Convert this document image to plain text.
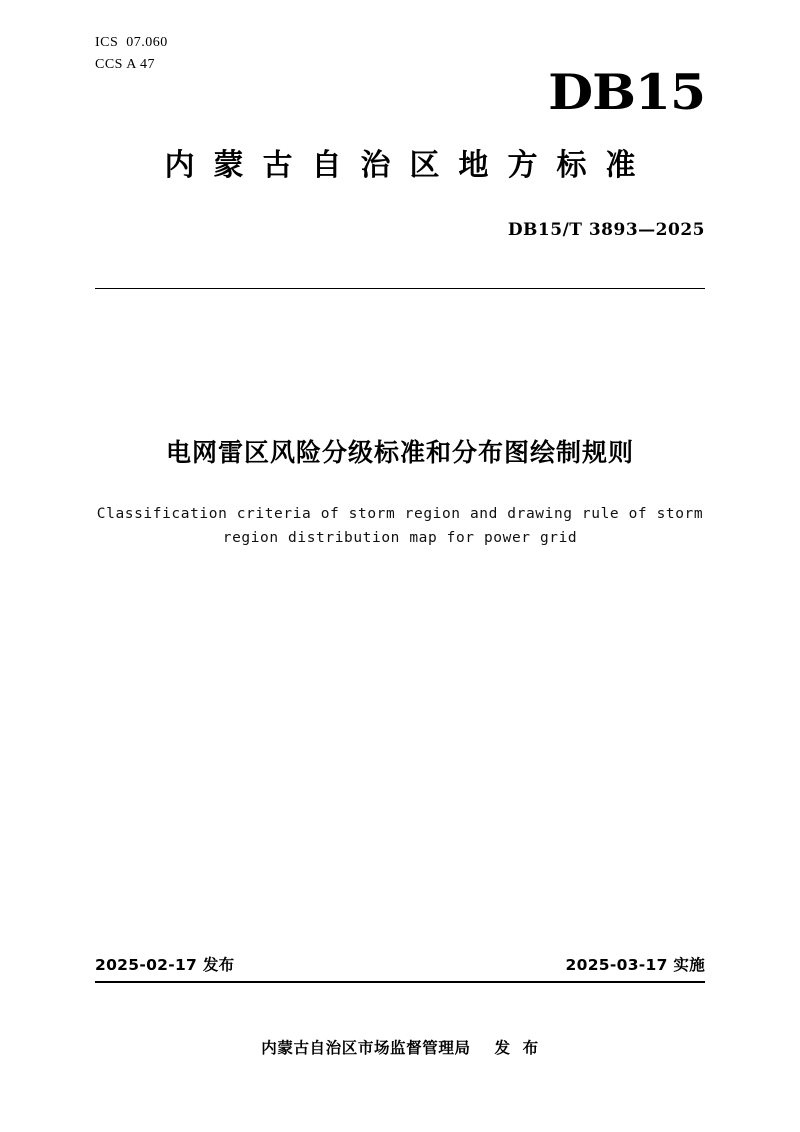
ICS  07.060
CCS A 47	DB15
内蒙古自治区地方标准
DB15/T 3893—2025
电网雷区风险分级标准和分布图绘制规则
Classification criteria of storm region and drawing rule of storm
region distribution map for power grid
2025-02-17 发布	2025-03-17 实施
内蒙古自治区市场监督管理局    发  布
